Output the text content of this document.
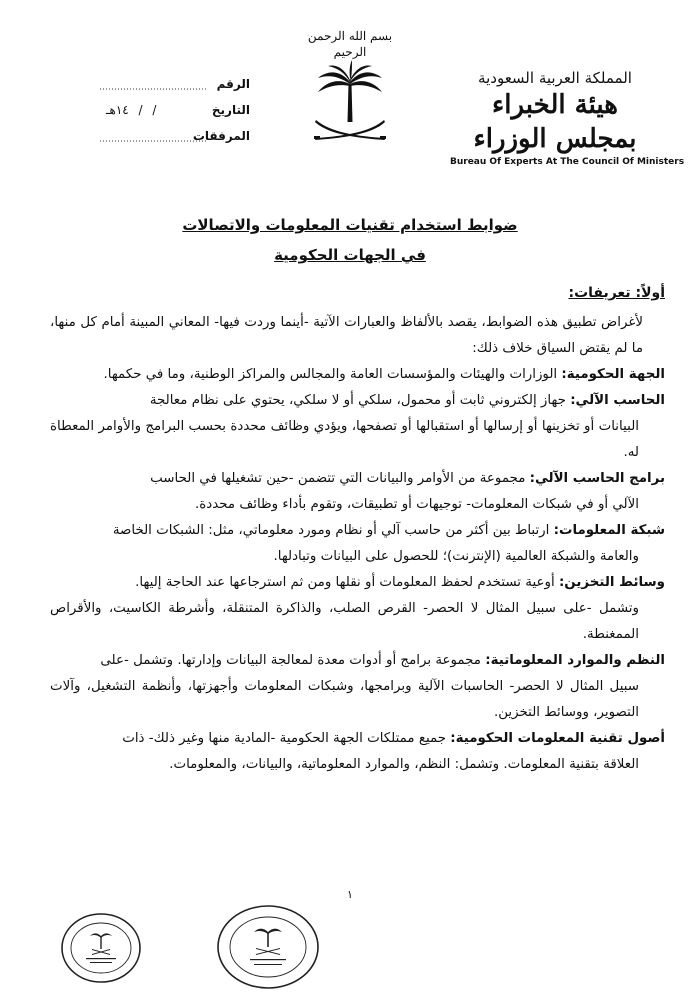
المملكة العربية السعودية
هيئة الخبراء بمجلس الوزراء
Bureau Of Experts At The Council Of Ministers
بسم الله الرحمن الرحيم
الرقم
التاريخ
/ / ١٤هـ
المرفقات
ضوابط استخدام تقنيات المعلومات والاتصالات
في الجهات الحكومية

أولاً: تعريفات:

لأغراض تطبيق هذه الضوابط، يقصد بالألفاظ والعبارات الآتية -أينما وردت فيها- المعاني المبينة أمام كل منها، ما لم يقتض السياق خلاف ذلك:

الجهة الحكومية: الوزارات والهيئات والمؤسسات العامة والمجالس والمراكز الوطنية، وما في حكمها.

الحاسب الآلي: جهاز إلكتروني ثابت أو محمول، سلكي أو لا سلكي، يحتوي على نظام معالجة

البيانات أو تخزينها أو إرسالها أو استقبالها أو تصفحها، ويؤدي وظائف محددة بحسب البرامج والأوامر المعطاة له.

برامج الحاسب الآلي: مجموعة من الأوامر والبيانات التي تتضمن -حين تشغيلها في الحاسب

الآلي أو في شبكات المعلومات- توجيهات أو تطبيقات، وتقوم بأداء وظائف محددة.

شبكة المعلومات: ارتباط بين أكثر من حاسب آلي أو نظام ومورد معلوماتي، مثل: الشبكات الخاصة

والعامة والشبكة العالمية (الإنترنت)؛ للحصول على البيانات وتبادلها.

وسائط التخزين: أوعية تستخدم لحفظ المعلومات أو نقلها ومن ثم استرجاعها عند الحاجة إليها.

وتشمل -على سبيل المثال لا الحصر- القرص الصلب، والذاكرة المتنقلة، وأشرطة الكاسيت، والأقراص الممغنطة.

النظم والموارد المعلوماتية: مجموعة برامج أو أدوات معدة لمعالجة البيانات وإدارتها. وتشمل -على

سبيل المثال لا الحصر- الحاسبات الآلية وبرامجها، وشبكات المعلومات وأجهزتها، وأنظمة التشغيل، وآلات التصوير، ووسائط التخزين.

أصول تقنية المعلومات الحكومية: جميع ممتلكات الجهة الحكومية -المادية منها وغير ذلك- ذات

العلاقة بتقنية المعلومات. وتشمل: النظم، والموارد المعلوماتية، والبيانات، والمعلومات.

١
